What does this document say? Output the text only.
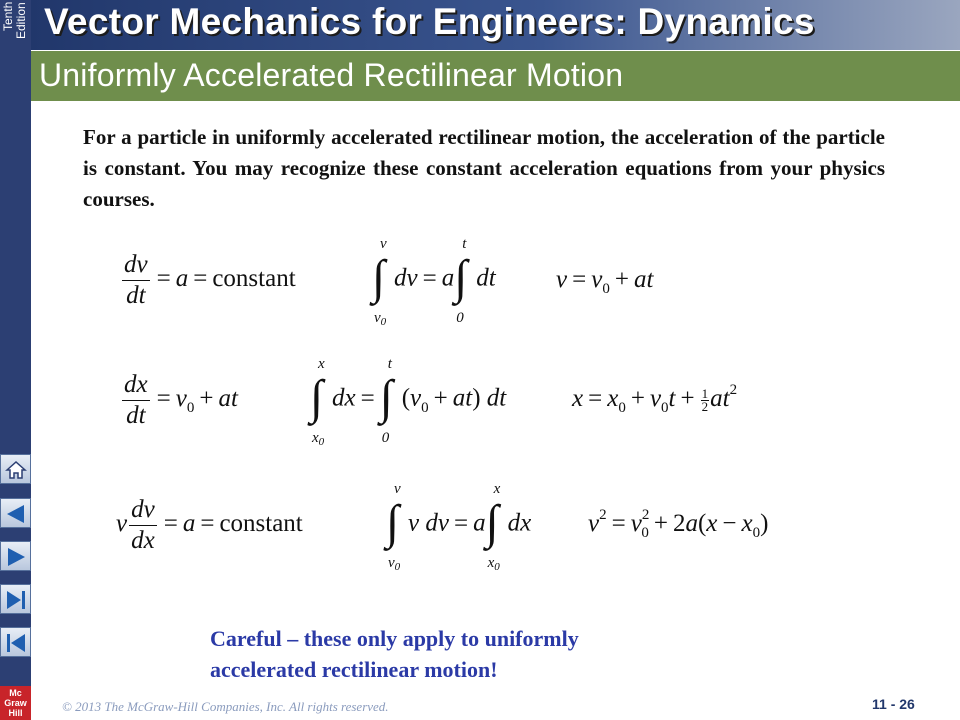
Tenth Edition
Mc
Graw
Hill
Vector Mechanics for Engineers: Dynamics
Uniformly Accelerated Rectilinear Motion

For a particle in uniformly accelerated rectilinear motion, the acceleration of the particle is constant. You may recognize these constant acceleration equations from your physics courses.

$\frac{dv}{dt} = a$ = constant ∫
v
$v_0$
dv = a ∫
t
0
dt $v = v_0$ + at
$\frac{dx}{dt} = v_0$ + at ∫
x
$x_0$
dx = ∫
t
0
$(v_0 + at)$ dt	$x = x_0 + v_0t + \frac{1}{2} at^2$
v $\frac{dv}{dx} = a$ = constant ∫
v
$v_0$
v dv = a ∫
x
$x_0$
dx $v^2 = v^2_0 + 2a(x - x_0)$
Careful – these only apply to uniformly
accelerated rectilinear motion!
© 2013 The McGraw-Hill Companies, Inc. All rights reserved.	11 - 26
